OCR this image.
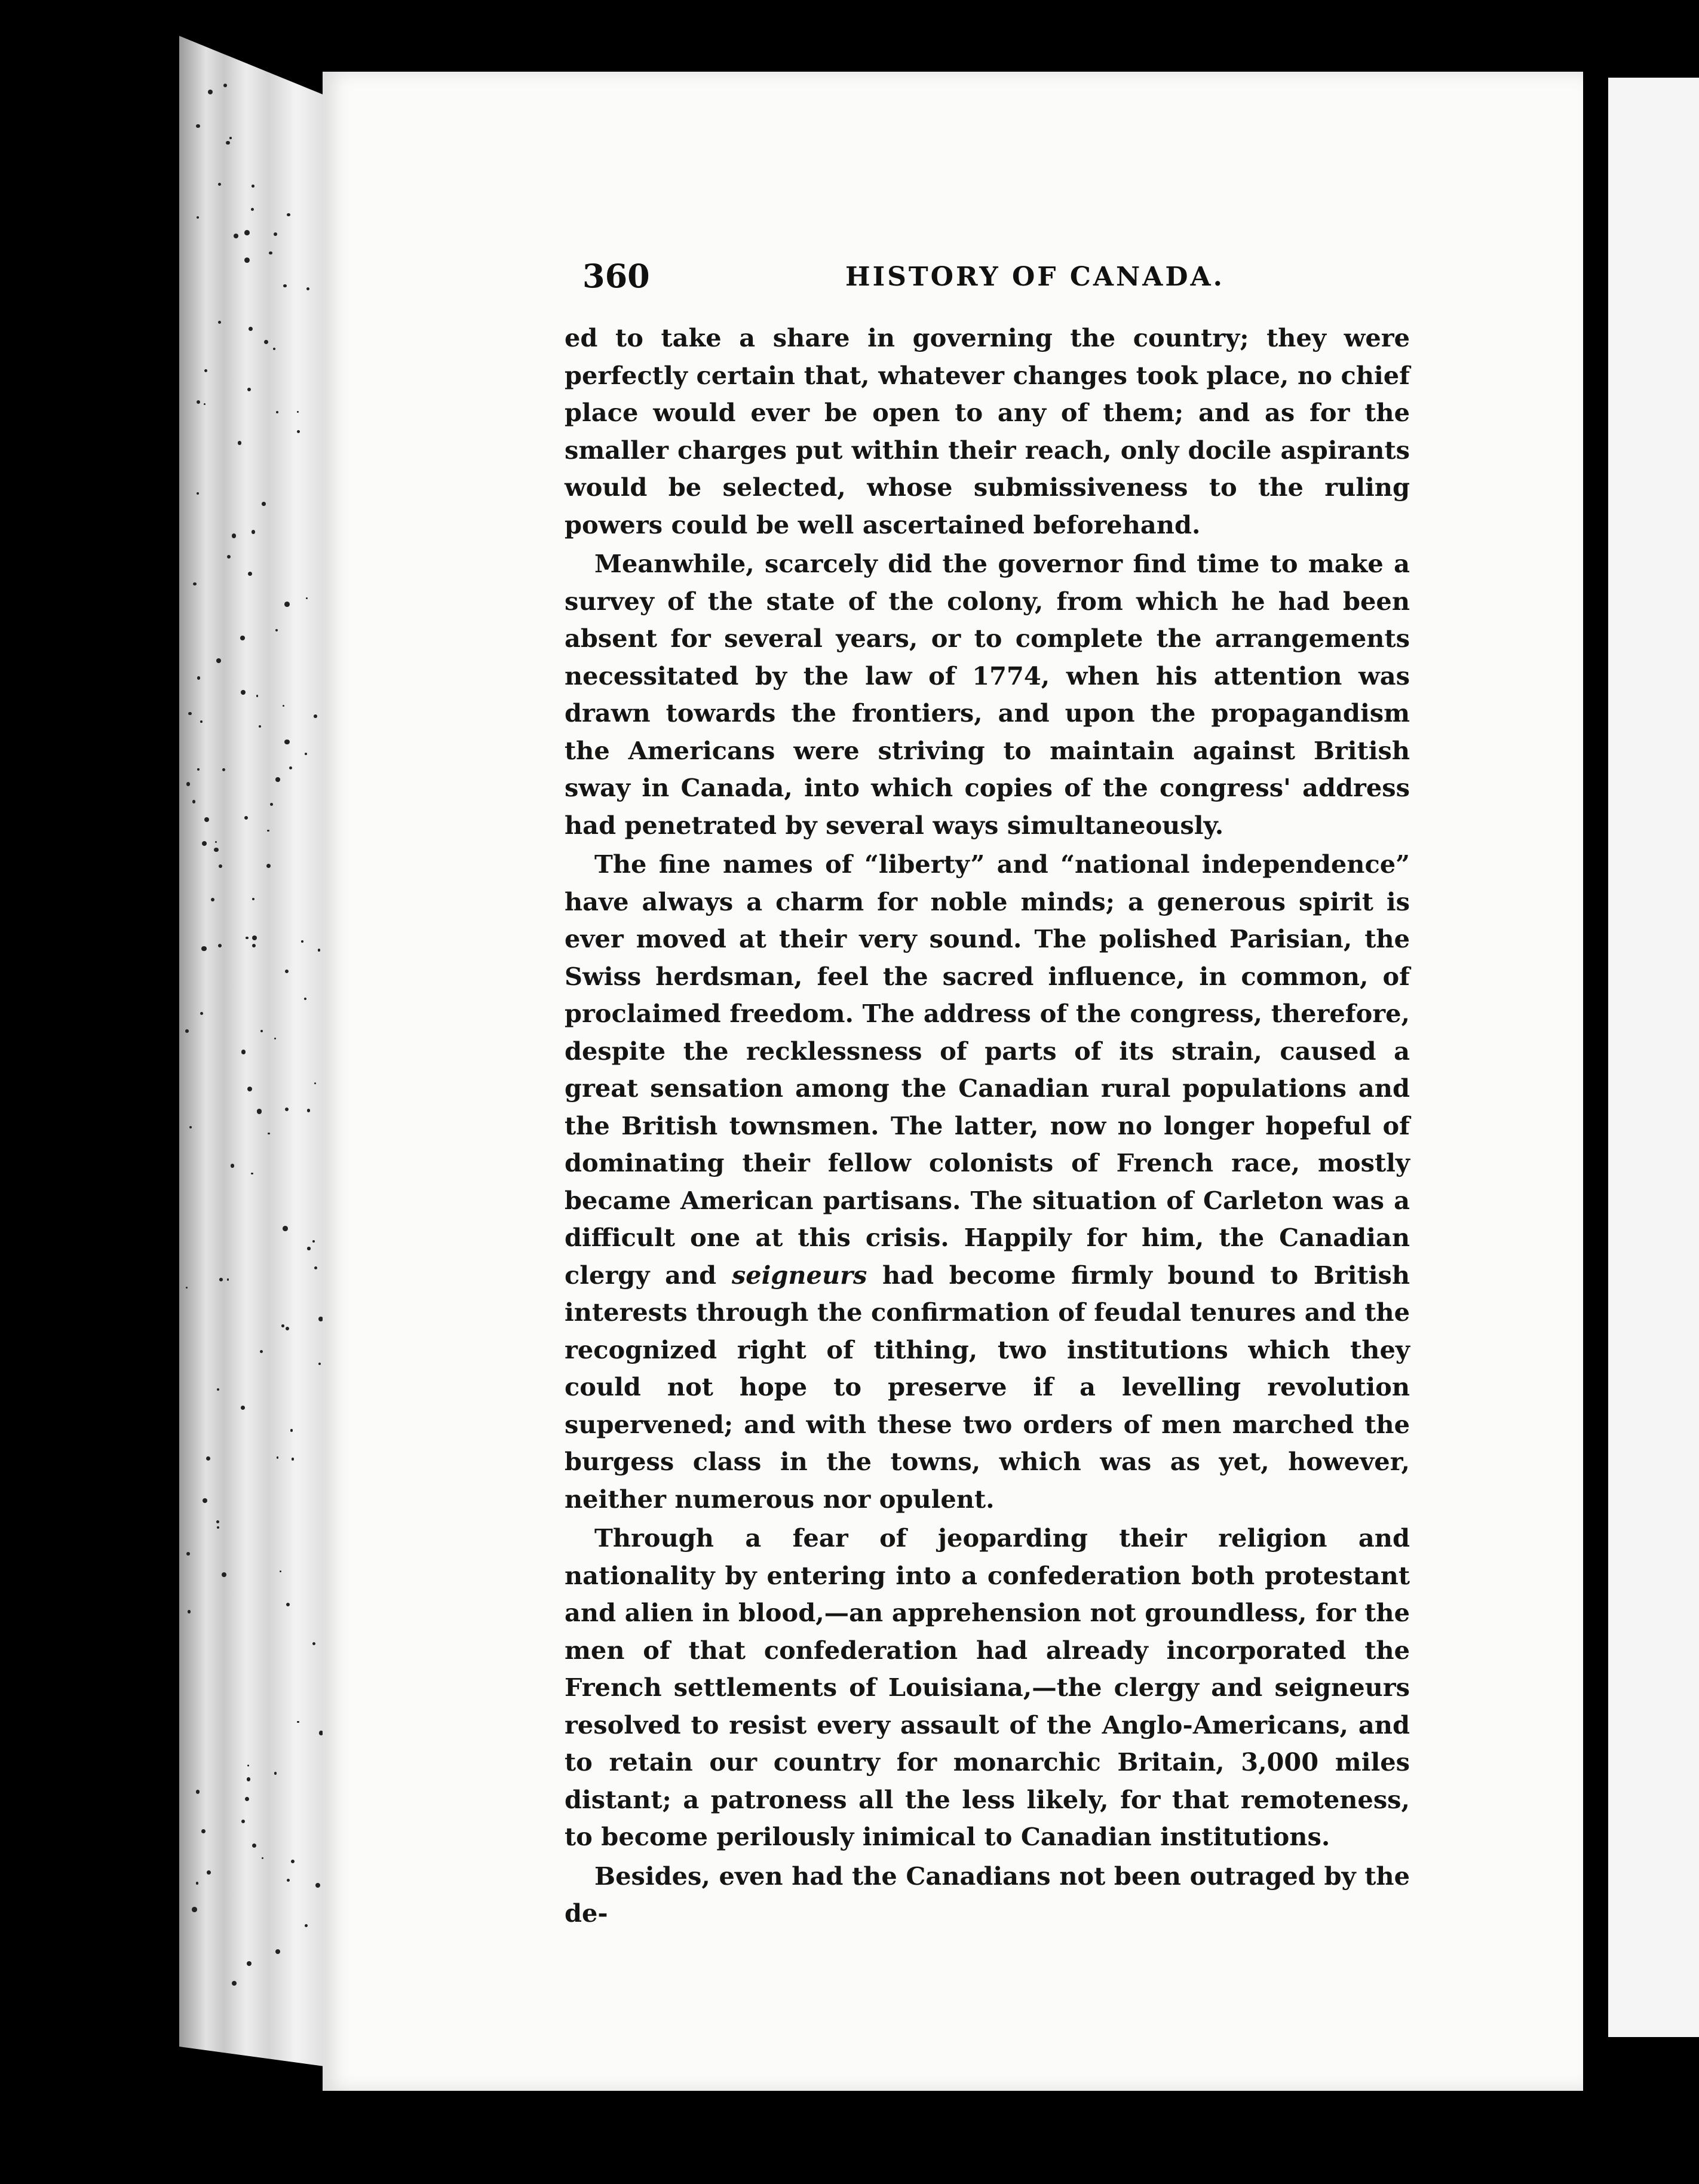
360	HISTORY OF CANADA.

ed to take a share in governing the country; they were perfectly certain that, whatever changes took place, no chief place would ever be open to any of them; and as for the smaller charges put within their reach, only docile aspirants would be selected, whose submissiveness to the ruling powers could be well ascertained beforehand.

Meanwhile, scarcely did the governor find time to make a survey of the state of the colony, from which he had been absent for several years, or to complete the arrangements necessitated by the law of 1774, when his attention was drawn towards the frontiers, and upon the propagandism the Americans were striving to maintain against British sway in Canada, into which copies of the congress' address had penetrated by several ways simultaneously.

The fine names of “liberty” and “national independence” have always a charm for noble minds; a generous spirit is ever moved at their very sound. The polished Parisian, the Swiss herdsman, feel the sacred influence, in common, of proclaimed freedom. The address of the congress, therefore, despite the recklessness of parts of its strain, caused a great sensation among the Canadian rural populations and the British townsmen. The latter, now no longer hopeful of dominating their fellow colonists of French race, mostly became American partisans. The situation of Carleton was a difficult one at this crisis. Happily for him, the Canadian clergy and seigneurs had become firmly bound to British interests through the confirmation of feudal tenures and the recognized right of tithing, two institutions which they could not hope to preserve if a levelling revolution supervened; and with these two orders of men marched the burgess class in the towns, which was as yet, however, neither numerous nor opulent.

Through a fear of jeoparding their religion and nationality by entering into a confederation both protestant and alien in blood,—an apprehension not groundless, for the men of that confederation had already incorporated the French settlements of Louisiana,—the clergy and seigneurs resolved to resist every assault of the Anglo-Americans, and to retain our country for monarchic Britain, 3,000 miles distant; a patroness all the less likely, for that remoteness, to become perilously inimical to Canadian institutions.

Besides, even had the Canadians not been outraged by the de-
